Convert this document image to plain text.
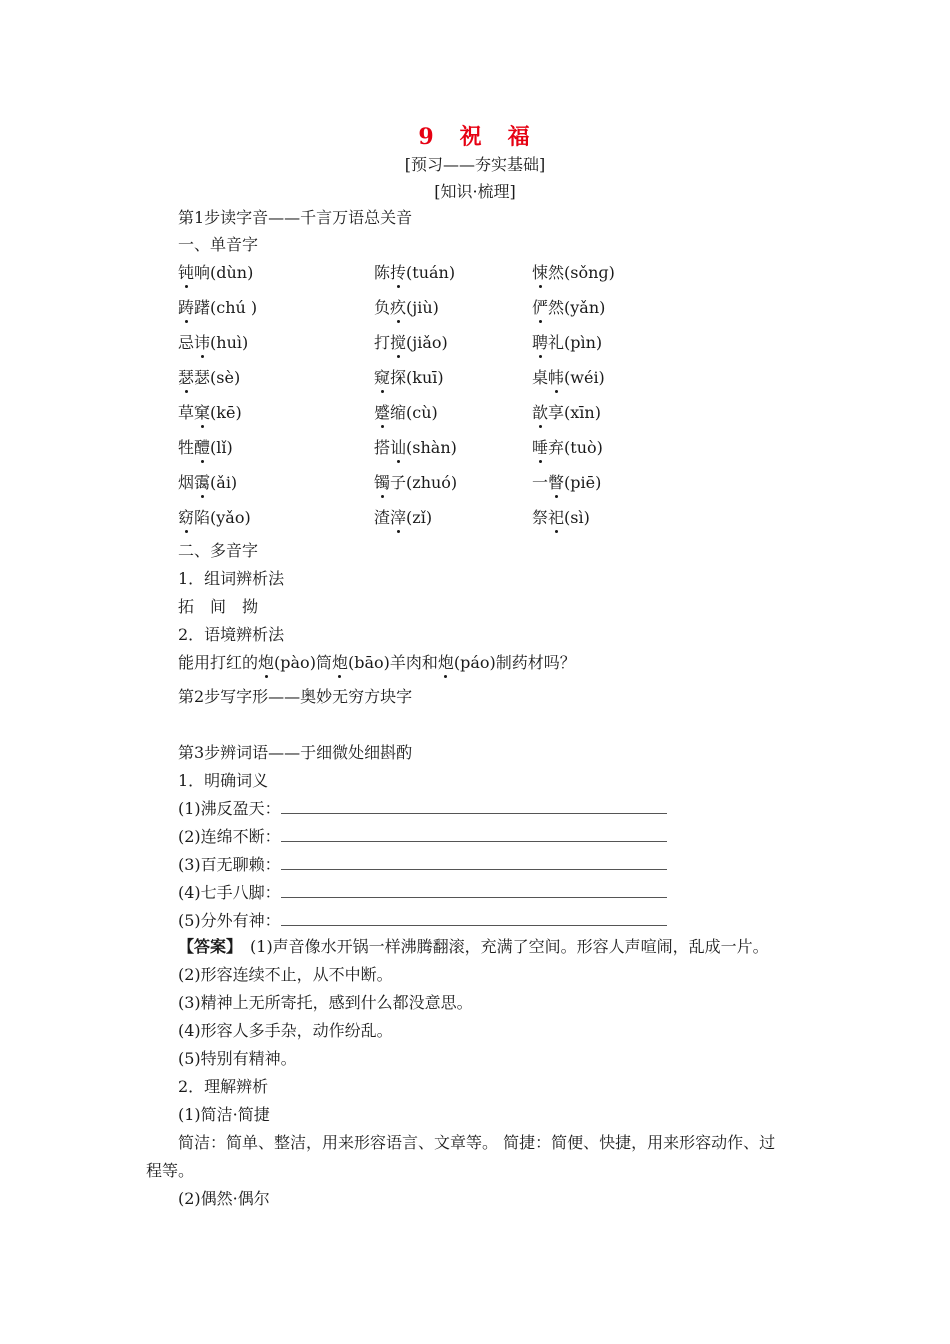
9　祝　福
[预习——夯实基础]
[知识·梳理]
第1步读字音——千言万语总关音
一、单音字
钝响(dùn)	陈抟(tuán)	悚然(sǒnɡ)
踌躇(chú )	负疚(jiù)	俨然(yǎn)
忌讳(huì)	打搅(jiǎo)	聘礼(pìn)
瑟瑟(sè)	窥探(kuī)	桌帏(wéi)
草窠(kē)	蹙缩(cù)	歆享(xīn)
牲醴(lǐ)	搭讪(shàn)	唾弃(tuò)
烟霭(ǎi)	镯子(zhuó)	一瞥(piē)
窈陷(yǎo)	渣滓(zǐ)	祭祀(sì)
二、多音字
1．组词辨析法
拓　间　拗
2．语境辨析法
能用打红的炮(pào)筒炮(bāo)羊肉和炮(páo)制药材吗？
第2步写字形——奥妙无穷方块字
第3步辨词语——于细微处细斟酌
1．明确词义
(1)沸反盈天：
(2)连绵不断：
(3)百无聊赖：
(4)七手八脚：
(5)分外有神：
【答案】　(1)声音像水开锅一样沸腾翻滚，充满了空间。形容人声喧闹，乱成一片。
(2)形容连续不止，从不中断。
(3)精神上无所寄托，感到什么都没意思。
(4)形容人多手杂，动作纷乱。
(5)特别有精神。
2．理解辨析
(1)简洁·简捷
简洁：简单、整洁，用来形容语言、文章等。 简捷：简便、快捷，用来形容动作、过
程等。
(2)偶然·偶尔
